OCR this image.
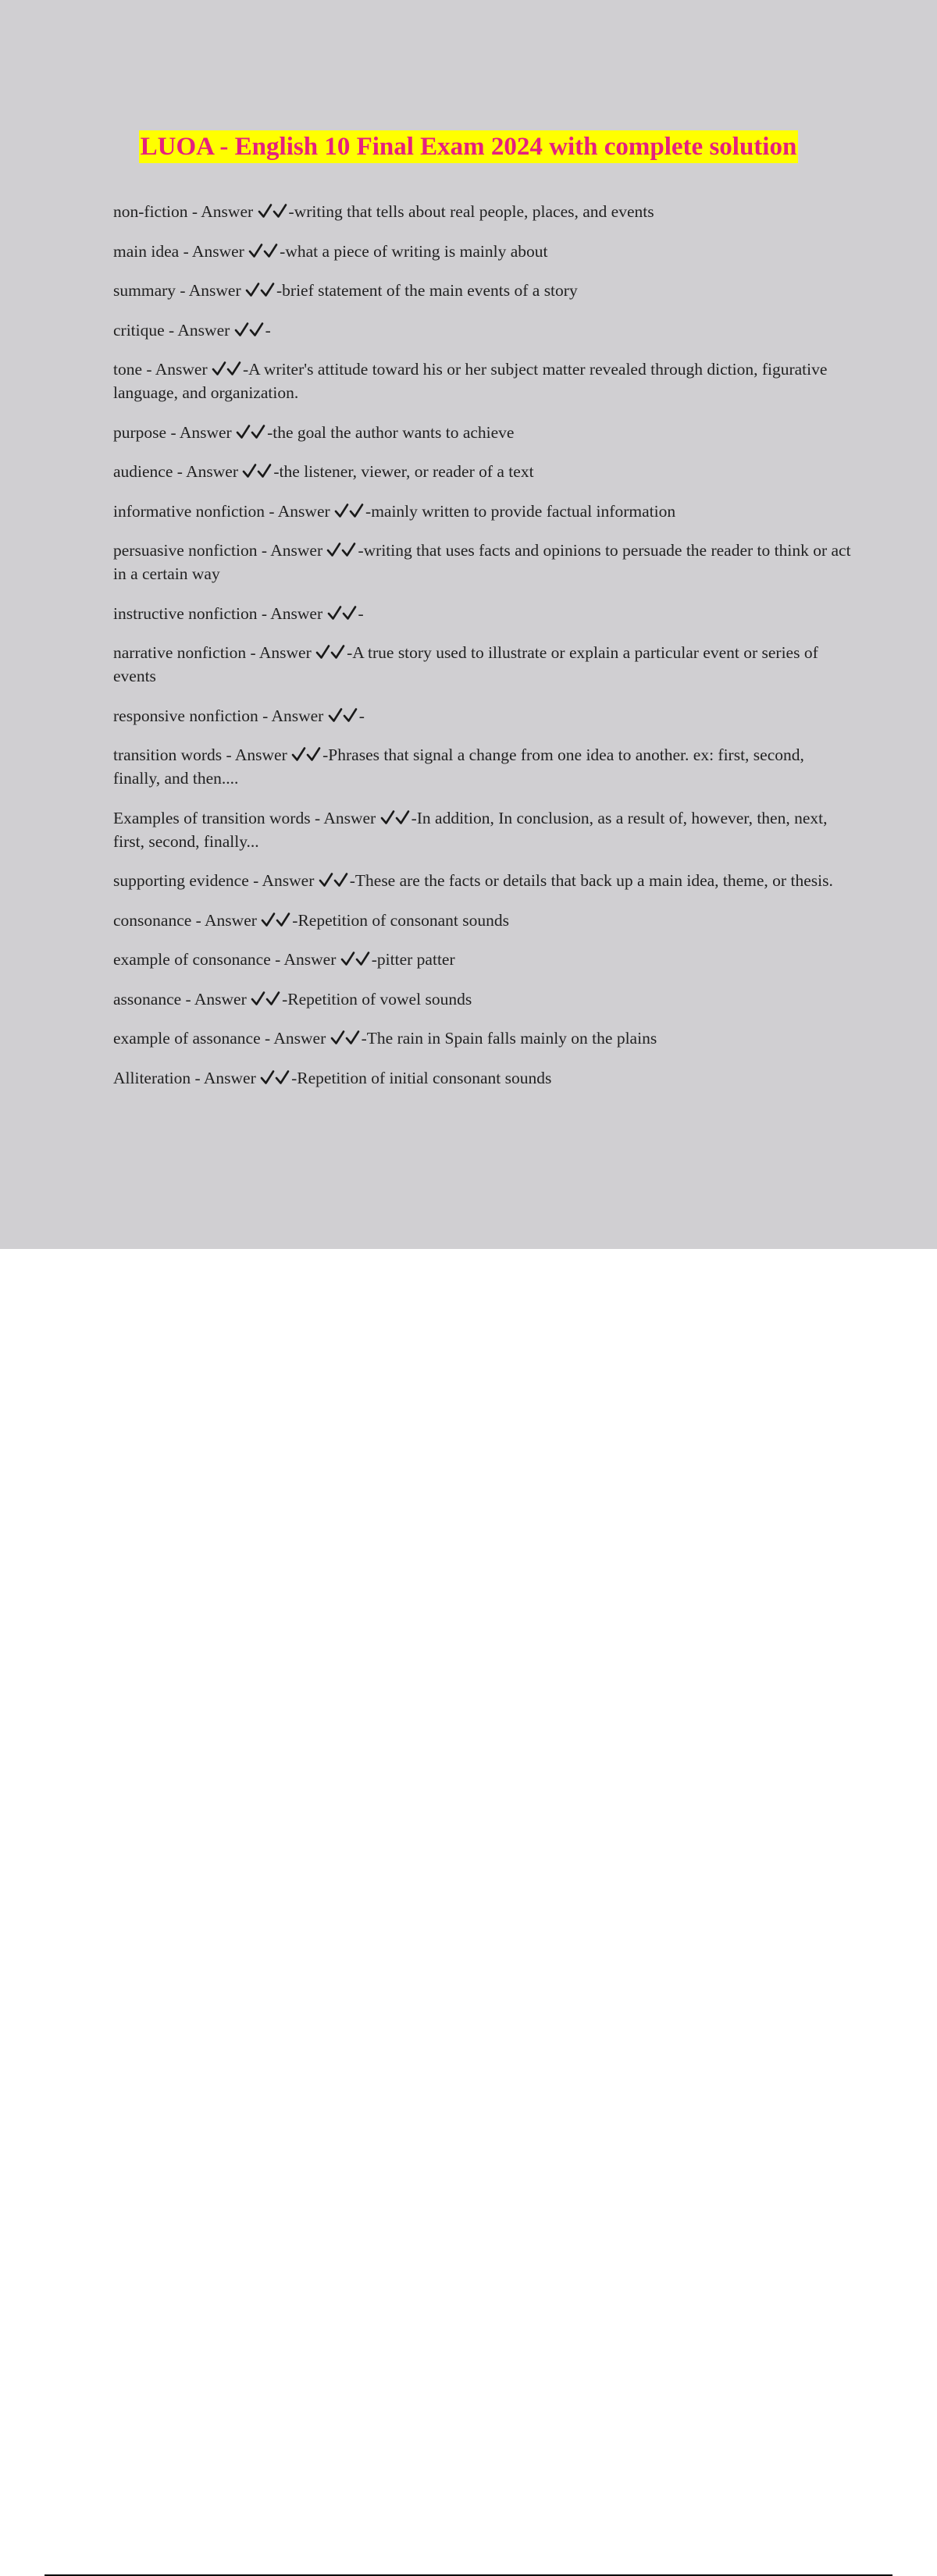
LUOA - English 10 Final Exam 2024 with complete solution
non-fiction - Answer -writing that tells about real people, places, and events
main idea - Answer -what a piece of writing is mainly about
summary - Answer -brief statement of the main events of a story
critique - Answer -
tone - Answer -A writer's attitude toward his or her subject matter revealed through diction, figurative language, and organization.
purpose - Answer -the goal the author wants to achieve
audience - Answer -the listener, viewer, or reader of a text
informative nonfiction - Answer -mainly written to provide factual information
persuasive nonfiction - Answer -writing that uses facts and opinions to persuade the reader to think or act in a certain way
instructive nonfiction - Answer -
narrative nonfiction - Answer -A true story used to illustrate or explain a particular event or series of events
responsive nonfiction - Answer -
transition words - Answer -Phrases that signal a change from one idea to another. ex: first, second, finally, and then....
Examples of transition words - Answer -In addition, In conclusion, as a result of, however, then, next, first, second, finally...
supporting evidence - Answer -These are the facts or details that back up a main idea, theme, or thesis.
consonance - Answer -Repetition of consonant sounds
example of consonance - Answer -pitter patter
assonance - Answer -Repetition of vowel sounds
example of assonance - Answer -The rain in Spain falls mainly on the plains
Alliteration - Answer -Repetition of initial consonant sounds
